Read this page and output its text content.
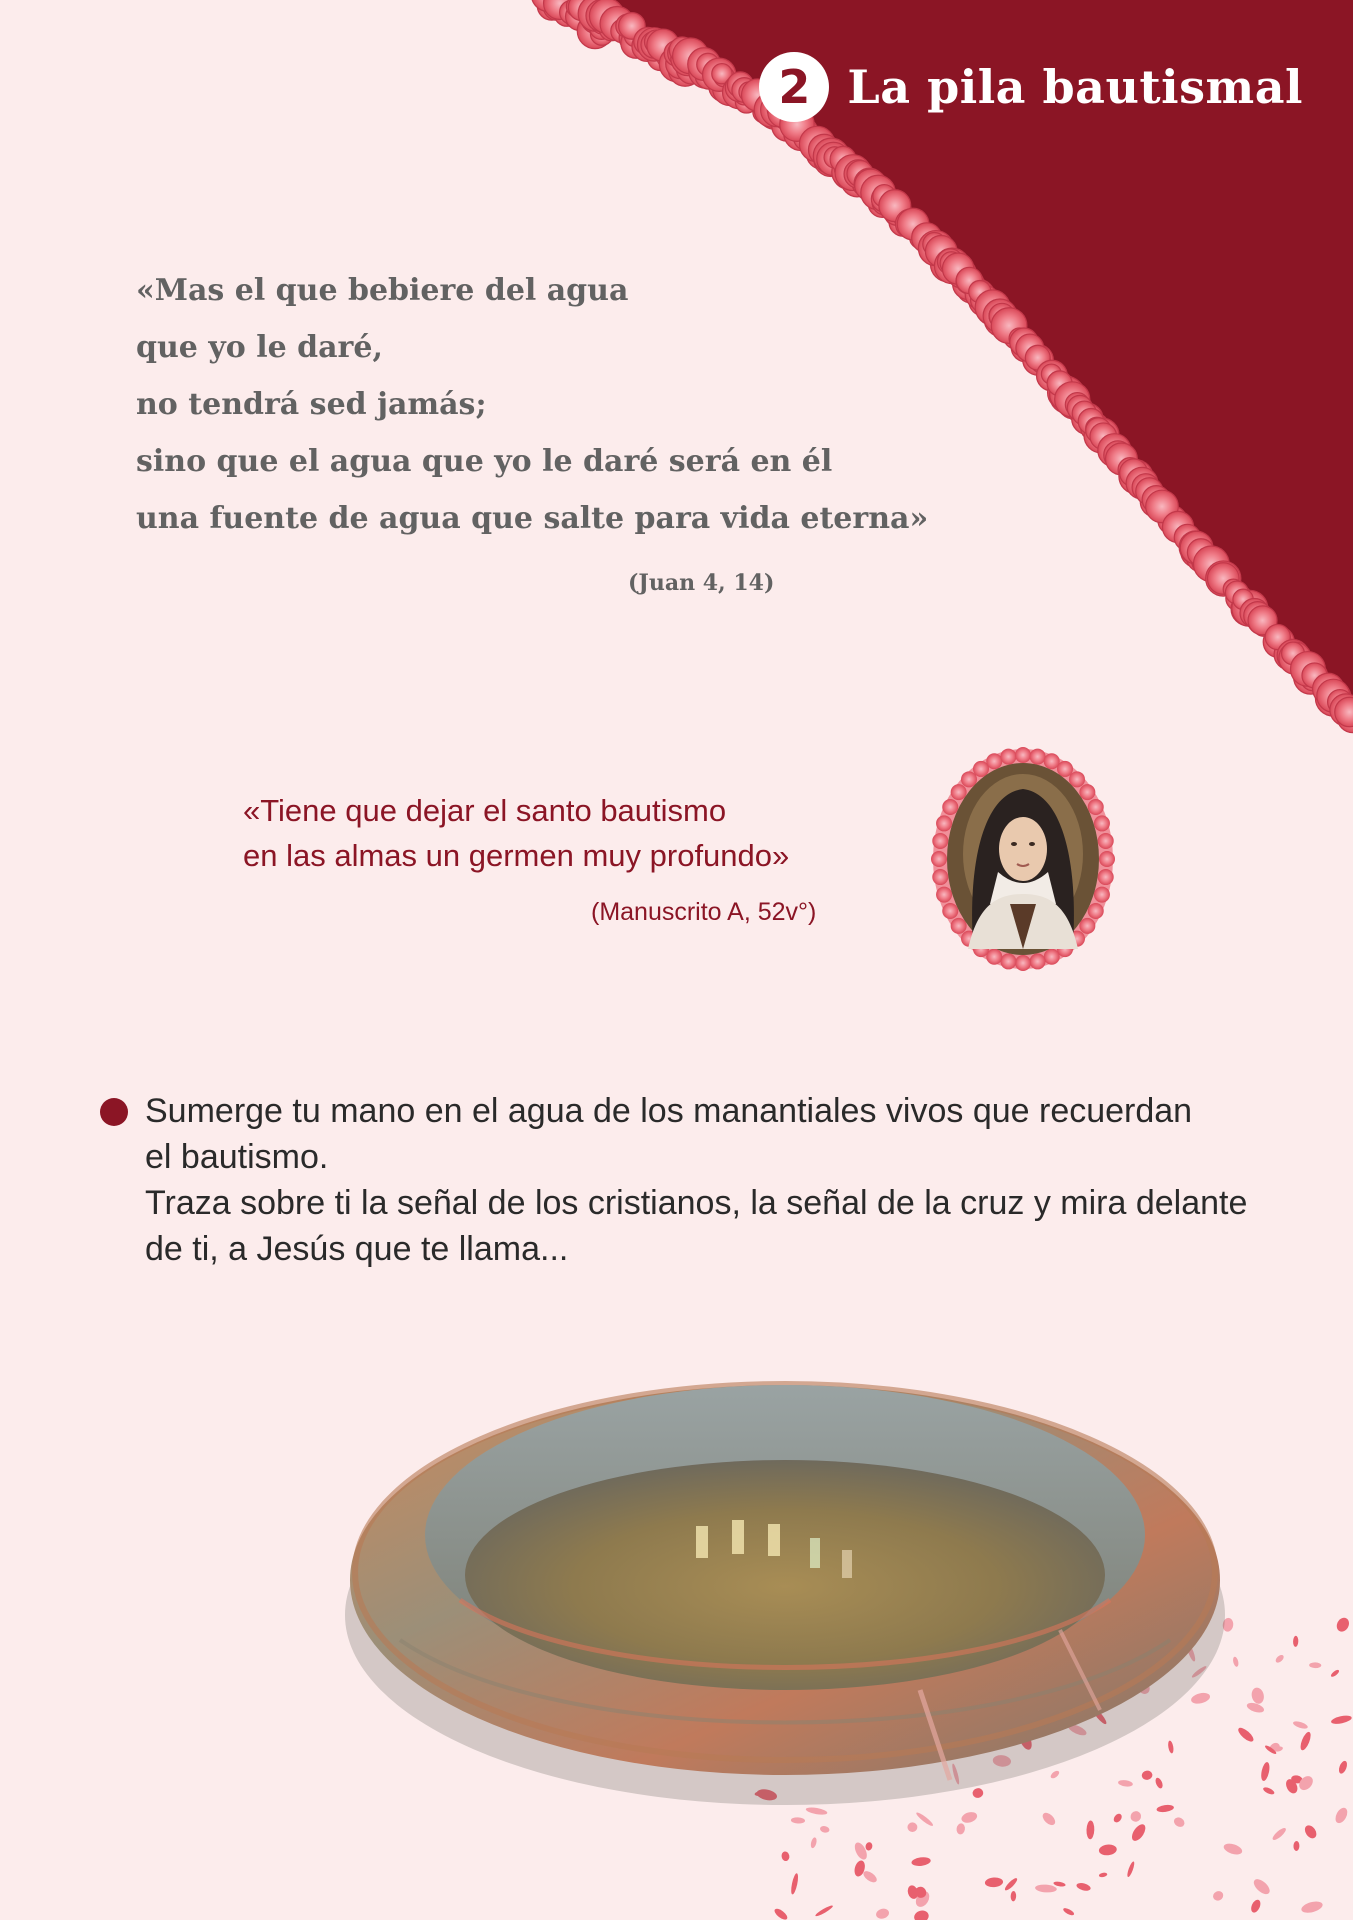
2 La pila bautismal
«Mas el que bebiere del agua
que yo le daré,
no tendrá sed jamás;
sino que el agua que yo le daré será en él
una fuente de agua que salte para vida eterna»
(Juan 4, 14)
«Tiene que dejar el santo bautismo
en las almas un germen muy profundo»
(Manuscrito A, 52v°)
Sumerge tu mano en el agua de los manantiales vivos que recuerdan
el bautismo.
Traza sobre ti la señal de los cristianos, la señal de la cruz y mira delante
de ti, a Jesús que te llama...
